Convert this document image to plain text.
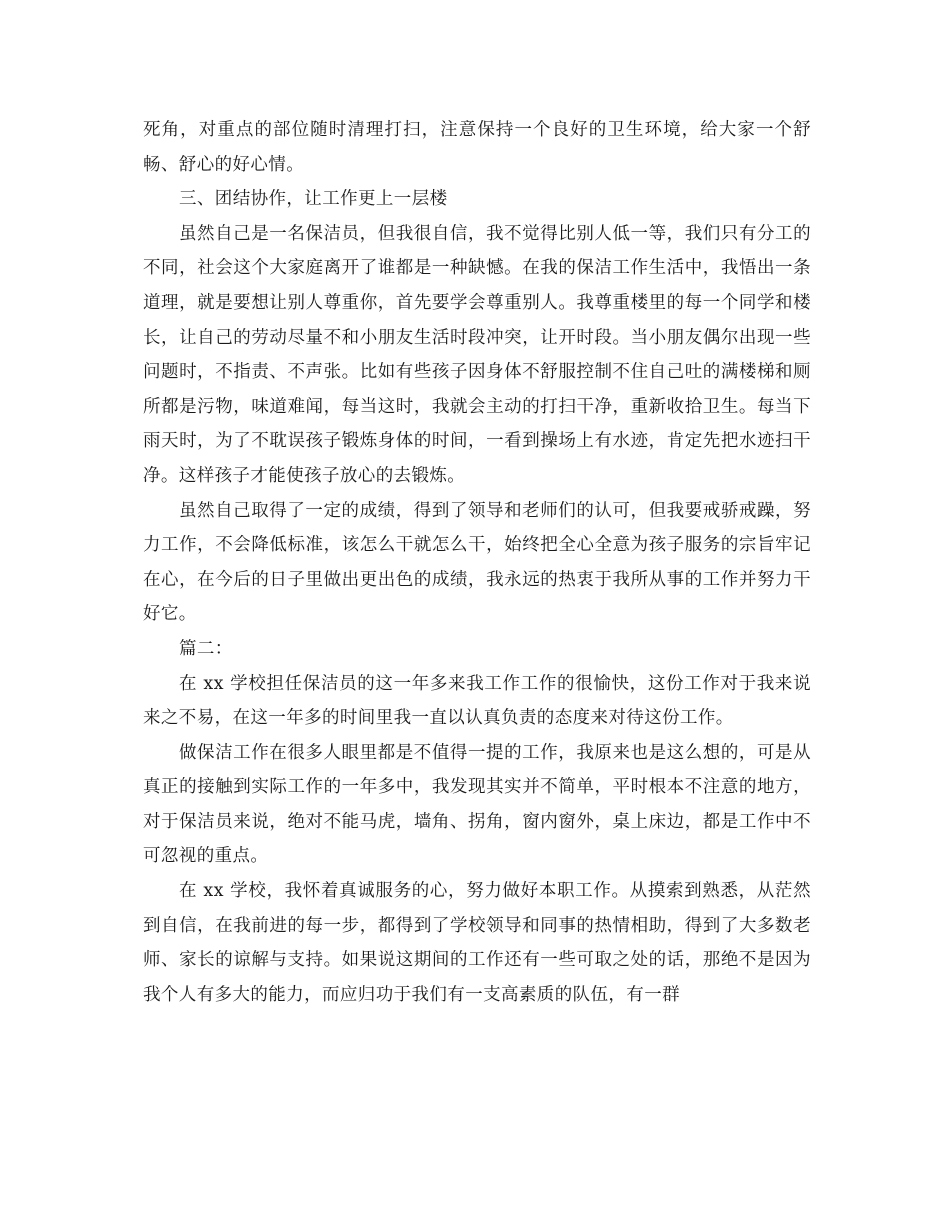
死角，对重点的部位随时清理打扫，注意保持一个良好的卫生环境，给大家一个舒畅、舒心的好心情。

三、团结协作，让工作更上一层楼

虽然自己是一名保洁员，但我很自信，我不觉得比别人低一等，我们只有分工的不同，社会这个大家庭离开了谁都是一种缺憾。在我的保洁工作生活中，我悟出一条道理，就是要想让别人尊重你，首先要学会尊重别人。我尊重楼里的每一个同学和楼长，让自己的劳动尽量不和小朋友生活时段冲突，让开时段。当小朋友偶尔出现一些问题时，不指责、不声张。比如有些孩子因身体不舒服控制不住自己吐的满楼梯和厕所都是污物，味道难闻，每当这时，我就会主动的打扫干净，重新收拾卫生。每当下雨天时，为了不耽误孩子锻炼身体的时间，一看到操场上有水迹，肯定先把水迹扫干净。这样孩子才能使孩子放心的去锻炼。

虽然自己取得了一定的成绩，得到了领导和老师们的认可，但我要戒骄戒躁，努力工作，不会降低标准，该怎么干就怎么干，始终把全心全意为孩子服务的宗旨牢记在心，在今后的日子里做出更出色的成绩，我永远的热衷于我所从事的工作并努力干好它。

篇二：

在 xx 学校担任保洁员的这一年多来我工作工作的很愉快，这份工作对于我来说来之不易，在这一年多的时间里我一直以认真负责的态度来对待这份工作。

做保洁工作在很多人眼里都是不值得一提的工作，我原来也是这么想的，可是从真正的接触到实际工作的一年多中，我发现其实并不简单，平时根本不注意的地方，对于保洁员来说，绝对不能马虎，墙角、拐角，窗内窗外，桌上床边，都是工作中不可忽视的重点。

在 xx 学校，我怀着真诚服务的心，努力做好本职工作。从摸索到熟悉，从茫然到自信，在我前进的每一步，都得到了学校领导和同事的热情相助，得到了大多数老师、家长的谅解与支持。如果说这期间的工作还有一些可取之处的话，那绝不是因为我个人有多大的能力，而应归功于我们有一支高素质的队伍，有一群
